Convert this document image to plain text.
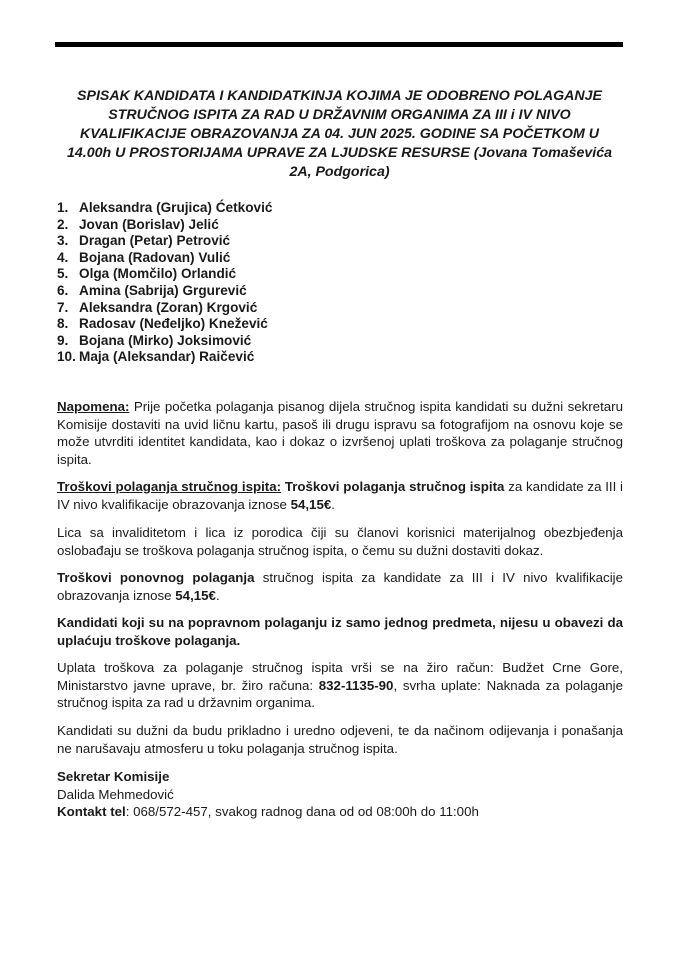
SPISAK KANDIDATA I KANDIDATKINJA KOJIMA JE ODOBRENO POLAGANJE
STRUČNOG ISPITA ZA RAD U DRŽAVNIM ORGANIMA ZA III i IV NIVO
KVALIFIKACIJE OBRAZOVANJA ZA 04. JUN 2025. GODINE SA POČETKOM U
14.00h U PROSTORIJAMA UPRAVE ZA LJUDSKE RESURSE (Jovana Tomaševića
2A, Podgorica)
1. Aleksandra (Grujica) Ćetković
2. Jovan (Borislav) Jelić
3. Dragan (Petar) Petrović
4. Bojana (Radovan) Vulić
5. Olga (Momčilo) Orlandić
6. Amina (Sabrija) Grgurević
7. Aleksandra (Zoran) Krgović
8. Radosav (Neđeljko) Knežević
9. Bojana (Mirko) Joksimović
10. Maja (Aleksandar) Raičević

Napomena: Prije početka polaganja pisanog dijela stručnog ispita kandidati su dužni sekretaru Komisije dostaviti na uvid ličnu kartu, pasoš ili drugu ispravu sa fotografijom na osnovu koje se može utvrditi identitet kandidata, kao i dokaz o izvršenoj uplati troškova za polaganje stručnog ispita.

Troškovi polaganja stručnog ispita: Troškovi polaganja stručnog ispita za kandidate za III i IV nivo kvalifikacije obrazovanja iznose 54,15€.

Lica sa invaliditetom i lica iz porodica čiji su članovi korisnici materijalnog obezbjeđenja oslobađaju se troškova polaganja stručnog ispita, o čemu su dužni dostaviti dokaz.

Troškovi ponovnog polaganja stručnog ispita za kandidate za III i IV nivo kvalifikacije obrazovanja iznose 54,15€.

Kandidati koji su na popravnom polaganju iz samo jednog predmeta, nijesu u obavezi da uplaćuju troškove polaganja.

Uplata troškova za polaganje stručnog ispita vrši se na žiro račun: Budžet Crne Gore, Ministarstvo javne uprave, br. žiro računa: 832-1135-90, svrha uplate: Naknada za polaganje stručnog ispita za rad u državnim organima.

Kandidati su dužni da budu prikladno i uredno odjeveni, te da načinom odijevanja i ponašanja ne narušavaju atmosferu u toku polaganja stručnog ispita.

Sekretar Komisije
Dalida Mehmedović
Kontakt tel: 068/572-457, svakog radnog dana od od 08:00h do 11:00h
